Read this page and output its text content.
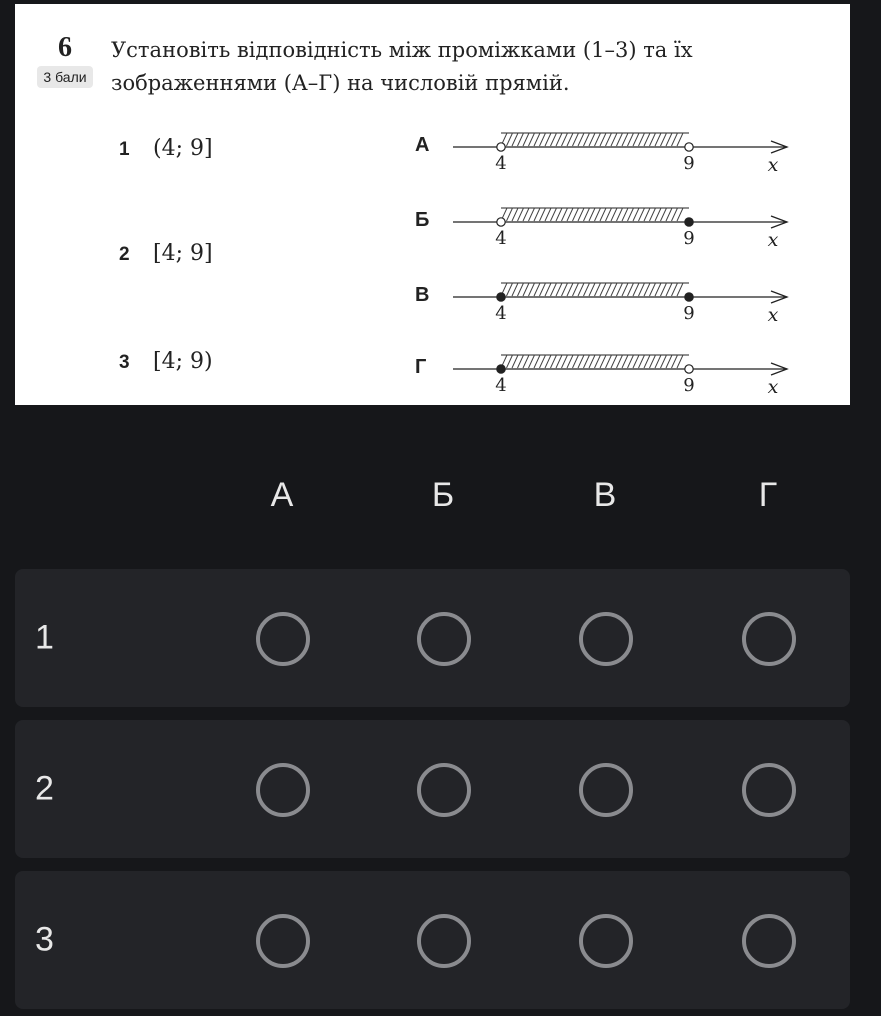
6
3 бали

Установіть відповідність між проміжками (1–3) та їх зображеннями (А–Г) на числовій прямій.

1 (4; 9]
2 [4; 9]
3 [4; 9)
А
Б
В
Г
4	9	x
4	9	x
4	9	x
4	9	x
А	Б	В	Г
1
2
3
